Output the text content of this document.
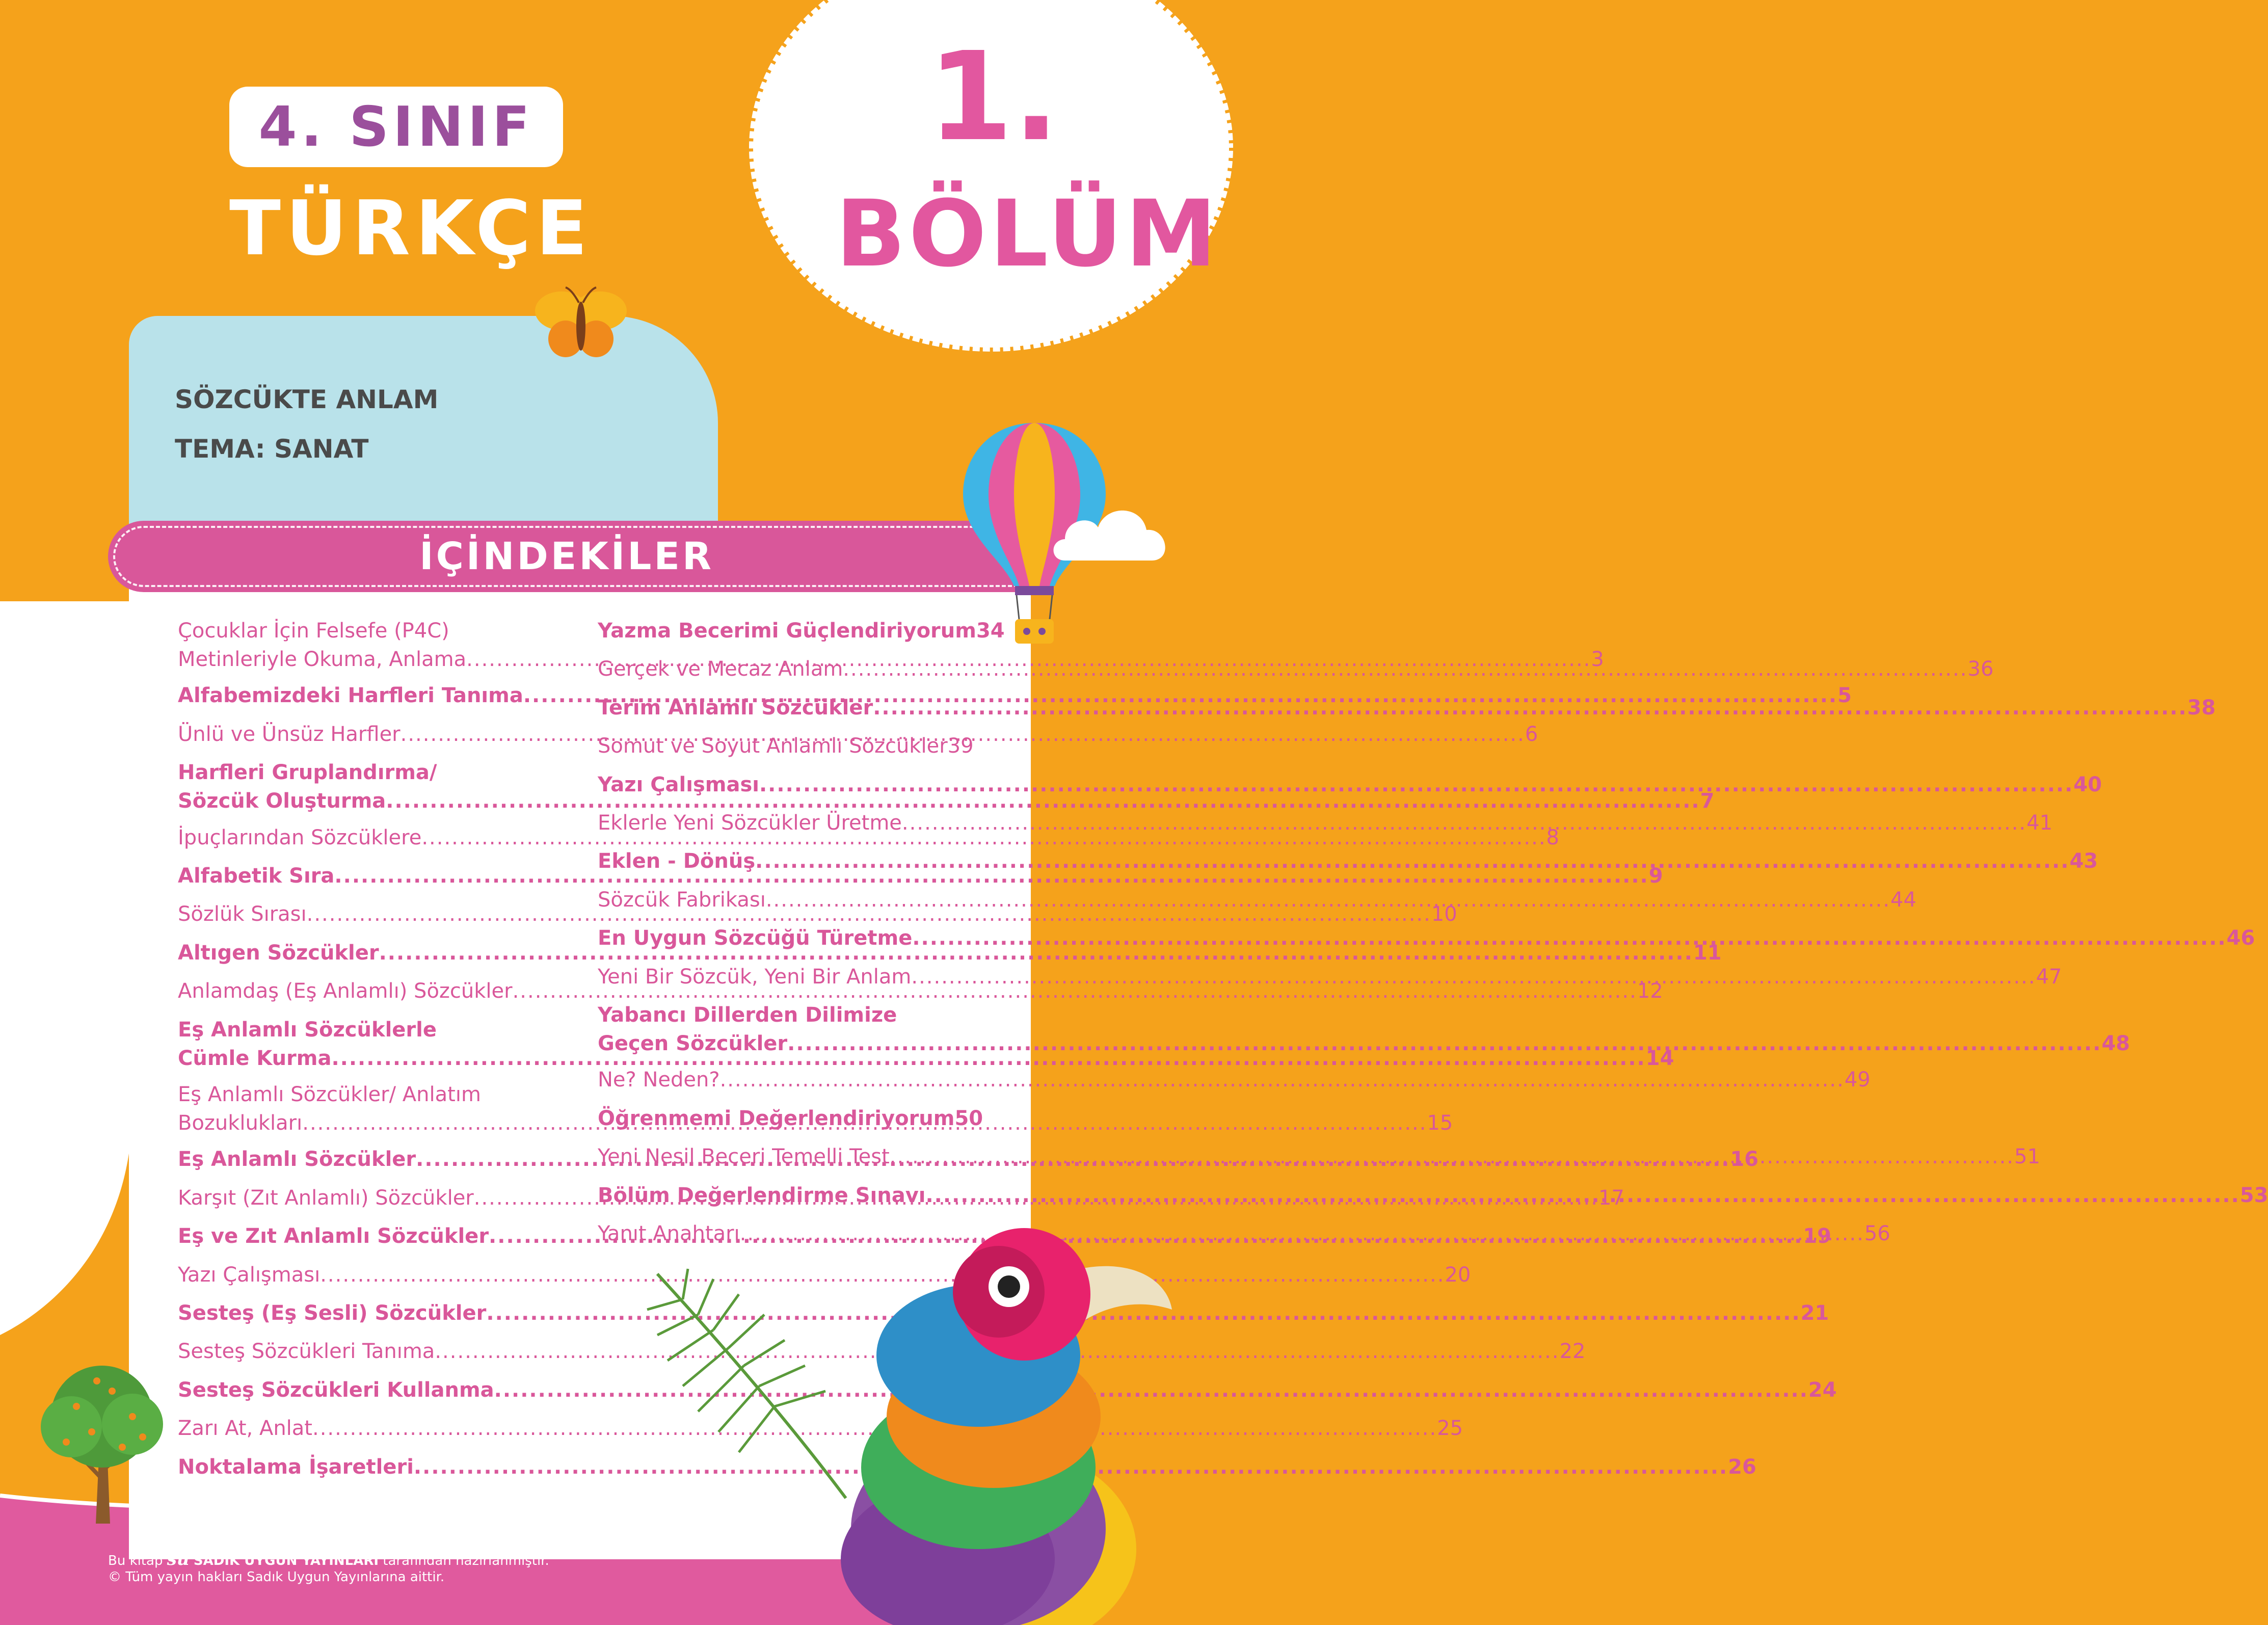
4. SINIF
TÜRKÇE
1.
BÖLÜM
SÖZCÜKTE ANLAM
TEMA: SANAT
İÇİNDEKİLER
Çocuklar İçin Felsefe (P4C)
Metinleriyle Okuma, Anlama .....	3
Alfabemizdeki Harfleri Tanıma .....	5
Ünlü ve Ünsüz Harfler .....	6
Harfleri Gruplandırma/
Sözcük Oluşturma .....	7
İpuçlarından Sözcüklere .....	8
Alfabetik Sıra .....	9
Sözlük Sırası .....	10
Altıgen Sözcükler .....	11
Anlamdaş (Eş Anlamlı) Sözcükler .....	12
Eş Anlamlı Sözcüklerle
Cümle Kurma .....	14
Eş Anlamlı Sözcükler/ Anlatım
Bozuklukları .....	15
Eş Anlamlı Sözcükler .....	16
Karşıt (Zıt Anlamlı) Sözcükler .....	17
Eş ve Zıt Anlamlı Sözcükler .....	19
Yazı Çalışması .....	20
Sesteş (Eş Sesli) Sözcükler .....	21
Sesteş Sözcükleri Tanıma .....	22
Sesteş Sözcükleri Kullanma .....	24
Zarı At, Anlat .....	25
Noktalama İşaretleri .....	26
Yazma Becerimi Güçlendiriyorum 34
Gerçek ve Mecaz Anlam .....	36
Terim Anlamlı Sözcükler .....	38
Somut ve Soyut Anlamlı Sözcükler 39
Yazı Çalışması .....	40
Eklerle Yeni Sözcükler Üretme .....	41
Eklen - Dönüş .....	43
Sözcük Fabrikası .....	44
En Uygun Sözcüğü Türetme .....	46
Yeni Bir Sözcük, Yeni Bir Anlam .....	47
Yabancı Dillerden Dilimize
Geçen Sözcükler .....	48
Ne? Neden? .....	49
Öğrenmemi Değerlendiriyorum 50
Yeni Nesil Beceri Temelli Test .....	51
Bölüm Değerlendirme Sınavı .....	53
Yanıt Anahtarı .....	56
Bu kitap su SADIK UYGUN YAYINLARI tarafından hazırlanmıştır.
© Tüm yayın hakları Sadık Uygun Yayınlarına aittir.
